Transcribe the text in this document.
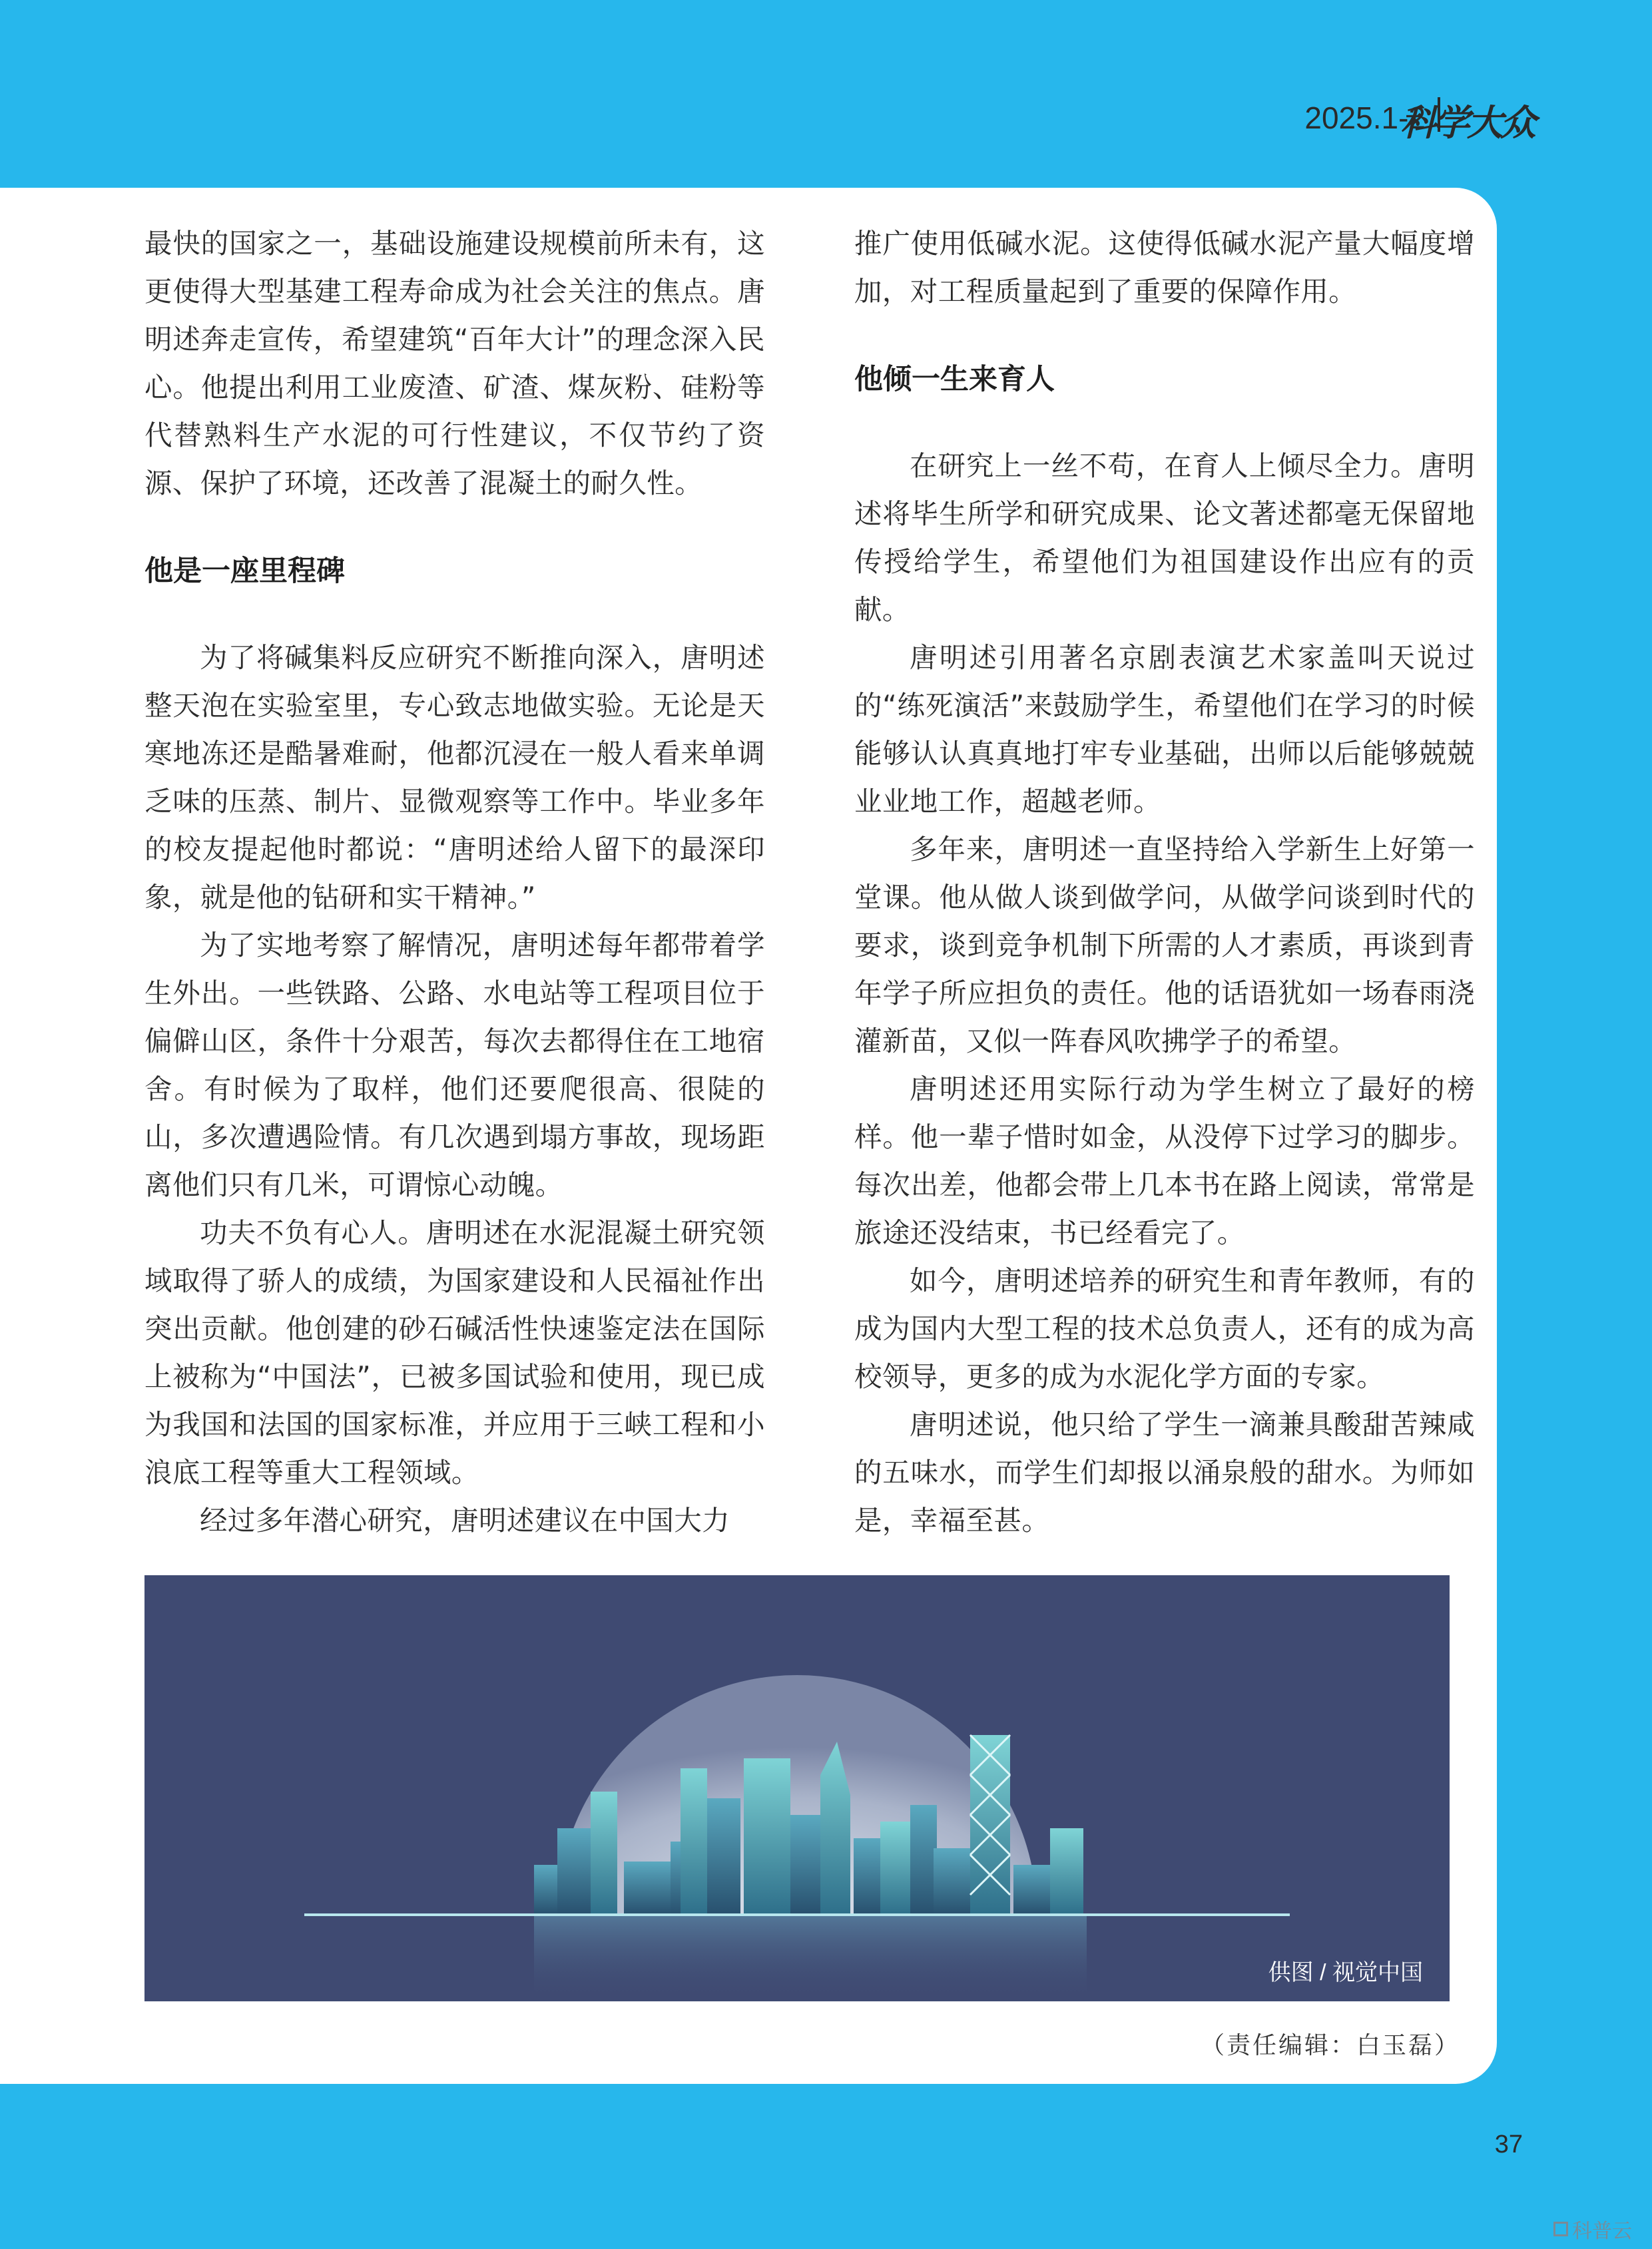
2025.1-2
科学大众

最快的国家之一，基础设施建设规模前所未有，这更使得大型基建工程寿命成为社会关注的焦点。唐明述奔走宣传，希望建筑“百年大计”的理念深入民心。他提出利用工业废渣、矿渣、煤灰粉、硅粉等代替熟料生产水泥的可行性建议，不仅节约了资源、保护了环境，还改善了混凝土的耐久性。

他是一座里程碑

为了将碱集料反应研究不断推向深入，唐明述整天泡在实验室里，专心致志地做实验。无论是天寒地冻还是酷暑难耐，他都沉浸在一般人看来单调乏味的压蒸、制片、显微观察等工作中。毕业多年的校友提起他时都说：“唐明述给人留下的最深印象，就是他的钻研和实干精神。”

为了实地考察了解情况，唐明述每年都带着学生外出。一些铁路、公路、水电站等工程项目位于偏僻山区，条件十分艰苦，每次去都得住在工地宿舍。有时候为了取样，他们还要爬很高、很陡的山，多次遭遇险情。有几次遇到塌方事故，现场距离他们只有几米，可谓惊心动魄。

功夫不负有心人。唐明述在水泥混凝土研究领域取得了骄人的成绩，为国家建设和人民福祉作出突出贡献。他创建的砂石碱活性快速鉴定法在国际上被称为“中国法”，已被多国试验和使用，现已成为我国和法国的国家标准，并应用于三峡工程和小浪底工程等重大工程领域。

经过多年潜心研究，唐明述建议在中国大力

推广使用低碱水泥。这使得低碱水泥产量大幅度增加，对工程质量起到了重要的保障作用。

他倾一生来育人

在研究上一丝不苟，在育人上倾尽全力。唐明述将毕生所学和研究成果、论文著述都毫无保留地传授给学生，希望他们为祖国建设作出应有的贡献。

唐明述引用著名京剧表演艺术家盖叫天说过的“练死演活”来鼓励学生，希望他们在学习的时候能够认认真真地打牢专业基础，出师以后能够兢兢业业地工作，超越老师。

多年来，唐明述一直坚持给入学新生上好第一堂课。他从做人谈到做学问，从做学问谈到时代的要求，谈到竞争机制下所需的人才素质，再谈到青年学子所应担负的责任。他的话语犹如一场春雨浇灌新苗，又似一阵春风吹拂学子的希望。

唐明述还用实际行动为学生树立了最好的榜样。他一辈子惜时如金，从没停下过学习的脚步。每次出差，他都会带上几本书在路上阅读，常常是旅途还没结束，书已经看完了。

如今，唐明述培养的研究生和青年教师，有的成为国内大型工程的技术总负责人，还有的成为高校领导，更多的成为水泥化学方面的专家。

唐明述说，他只给了学生一滴兼具酸甜苦辣咸的五味水，而学生们却报以涌泉般的甜水。为师如是，幸福至甚。

供图 / 视觉中国
（责任编辑：白玉磊）
37
科普云
